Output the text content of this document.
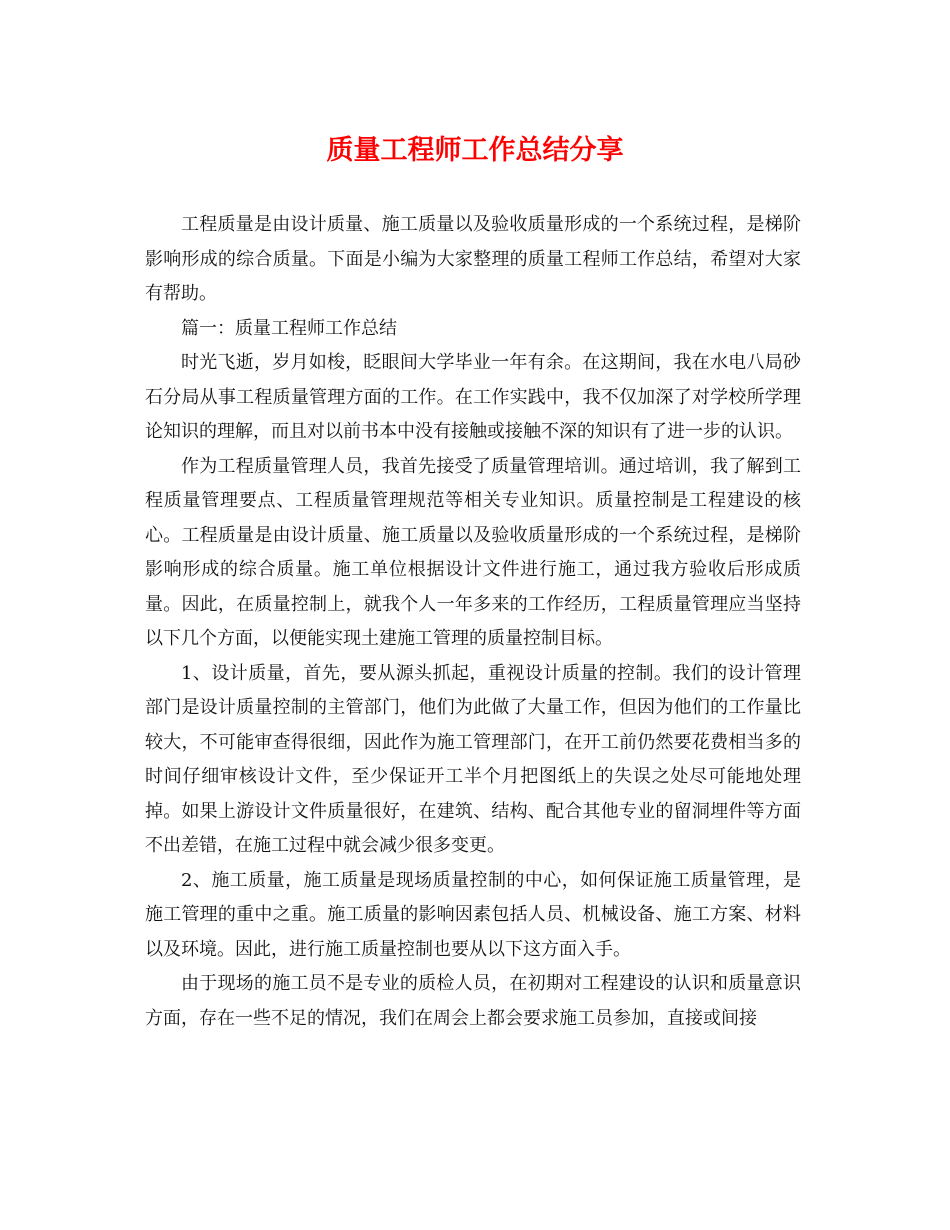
质量工程师工作总结分享

工程质量是由设计质量、施工质量以及验收质量形成的一个系统过程，是梯阶影响形成的综合质量。下面是小编为大家整理的质量工程师工作总结，希望对大家有帮助。

篇一：质量工程师工作总结

时光飞逝，岁月如梭，眨眼间大学毕业一年有余。在这期间，我在水电八局砂石分局从事工程质量管理方面的工作。在工作实践中，我不仅加深了对学校所学理论知识的理解，而且对以前书本中没有接触或接触不深的知识有了进一步的认识。

作为工程质量管理人员，我首先接受了质量管理培训。通过培训，我了解到工程质量管理要点、工程质量管理规范等相关专业知识。质量控制是工程建设的核心。工程质量是由设计质量、施工质量以及验收质量形成的一个系统过程，是梯阶影响形成的综合质量。施工单位根据设计文件进行施工，通过我方验收后形成质量。因此，在质量控制上，就我个人一年多来的工作经历，工程质量管理应当坚持以下几个方面，以便能实现土建施工管理的质量控制目标。

1、设计质量，首先，要从源头抓起，重视设计质量的控制。我们的设计管理部门是设计质量控制的主管部门，他们为此做了大量工作，但因为他们的工作量比较大，不可能审查得很细，因此作为施工管理部门，在开工前仍然要花费相当多的时间仔细审核设计文件，至少保证开工半个月把图纸上的失误之处尽可能地处理掉。如果上游设计文件质量很好，在建筑、结构、配合其他专业的留洞埋件等方面不出差错，在施工过程中就会减少很多变更。

2、施工质量，施工质量是现场质量控制的中心，如何保证施工质量管理，是施工管理的重中之重。施工质量的影响因素包括人员、机械设备、施工方案、材料以及环境。因此，进行施工质量控制也要从以下这方面入手。

由于现场的施工员不是专业的质检人员，在初期对工程建设的认识和质量意识方面，存在一些不足的情况，我们在周会上都会要求施工员参加，直接或间接
